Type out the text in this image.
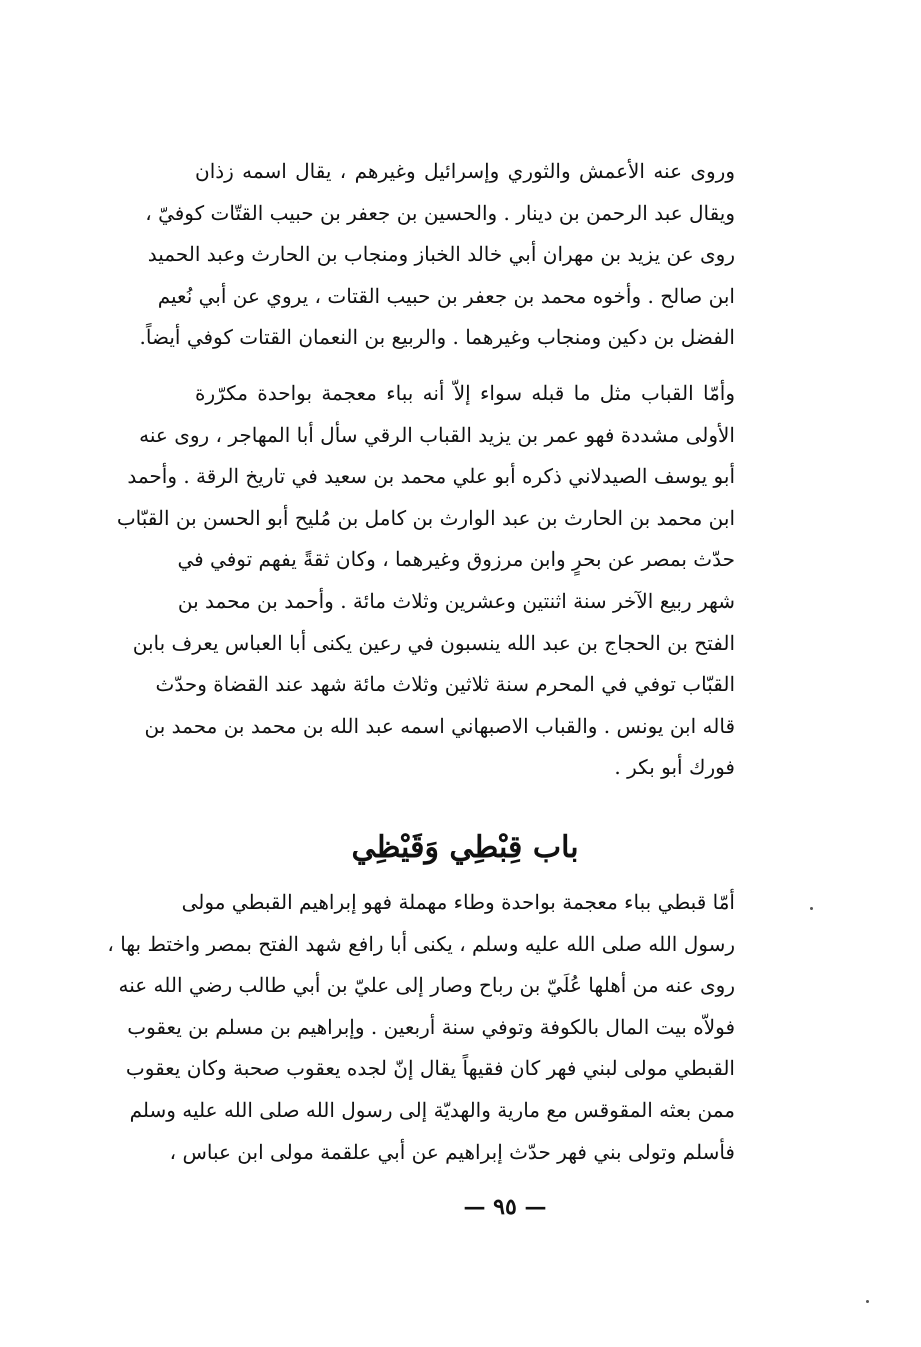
وروى عنه الأعمش والثوري وإسرائيل وغيرهم ، يقال اسمه زذان
ويقال عبد الرحمن بن دينار . والحسين بن جعفر بن حبيب القتّات كوفيّ ،
روى عن يزيد بن مهران أبي خالد الخباز ومنجاب بن الحارث وعبد الحميد
ابن صالح . وأخوه محمد بن جعفر بن حبيب القتات ، يروي عن أبي نُعيم
الفضل بن دكين ومنجاب وغيرهما . والربيع بن النعمان القتات كوفي أيضاً.
وأمّا القباب مثل ما قبله سواء إلاّ أنه بباء معجمة بواحدة مكرّرة
الأولى مشددة فهو عمر بن يزيد القباب الرقي سأل أبا المهاجر ، روى عنه
أبو يوسف الصيدلاني ذكره أبو علي محمد بن سعيد في تاريخ الرقة . وأحمد
ابن محمد بن الحارث بن عبد الوارث بن كامل بن مُليح أبو الحسن بن القبّاب
حدّث بمصر عن بحرٍ وابن مرزوق وغيرهما ، وكان ثقةً يفهم توفي في
شهر ربيع الآخر سنة اثنتين وعشرين وثلاث مائة . وأحمد بن محمد بن
الفتح بن الحجاج بن عبد الله ينسبون في رعين يكنى أبا العباس يعرف بابن
القبّاب توفي في المحرم سنة ثلاثين وثلاث مائة شهد عند القضاة وحدّث
قاله ابن يونس . والقباب الاصبهاني اسمه عبد الله بن محمد بن محمد بن
فورك أبو بكر .
باب قِبْطِي وَقَيْظِي
أمّا قبطي بباء معجمة بواحدة وطاء مهملة فهو إبراهيم القبطي مولى
رسول الله صلى الله عليه وسلم ، يكنى أبا رافع شهد الفتح بمصر واختط بها ،
روى عنه من أهلها عُلَيّ بن رباح وصار إلى عليّ بن أبي طالب رضي الله عنه
فولاّه بيت المال بالكوفة وتوفي سنة أربعين . وإبراهيم بن مسلم بن يعقوب
القبطي مولى لبني فهر كان فقيهاً يقال إنّ لجده يعقوب صحبة وكان يعقوب
ممن بعثه المقوقس مع مارية والهديّة إلى رسول الله صلى الله عليه وسلم
فأسلم وتولى بني فهر حدّث إبراهيم عن أبي علقمة مولى ابن عباس ،
— ٩٥ —
